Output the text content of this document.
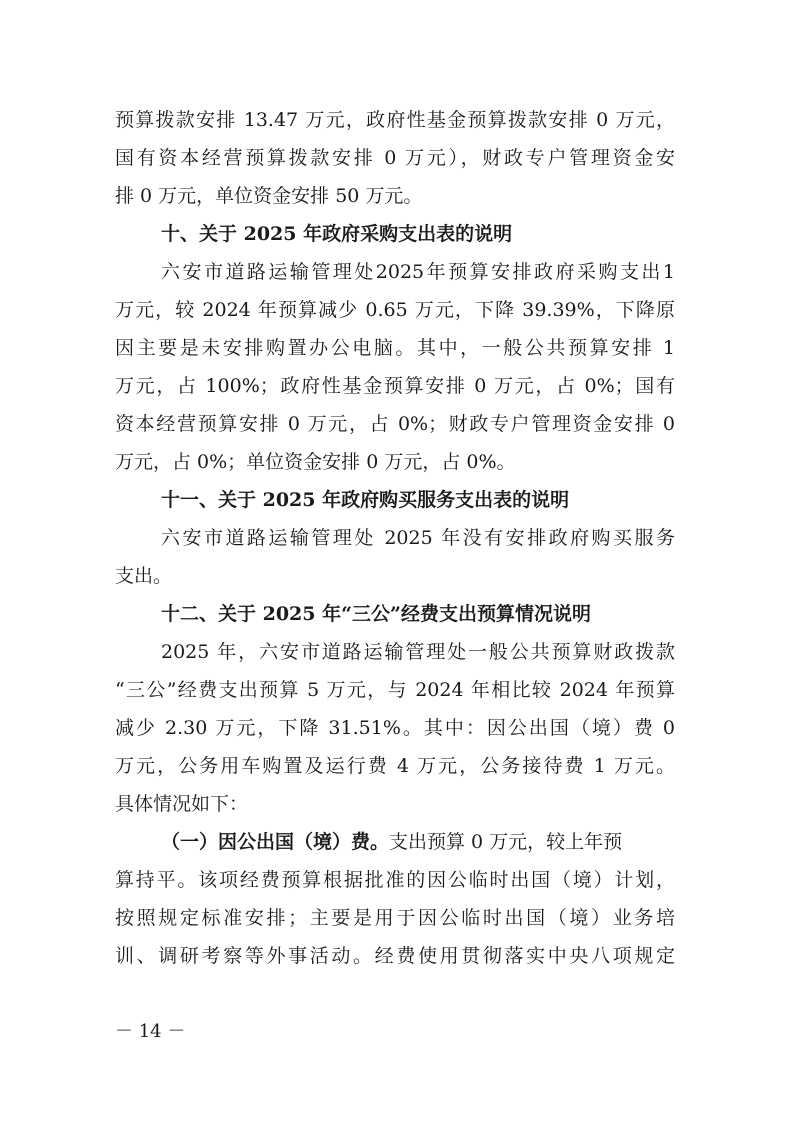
预算拨款安排 13.47 万元，政府性基金预算拨款安排 0 万元，
国有资本经营预算拨款安排 0 万元），财政专户管理资金安
排 0 万元，单位资金安排 50 万元。
十、关于 2025 年政府采购支出表的说明
六安市道路运输管理处2025年预算安排政府采购支出1
万元，较 2024 年预算减少 0.65 万元，下降 39.39%，下降原
因主要是未安排购置办公电脑。其中，一般公共预算安排 1
万元，占 100%；政府性基金预算安排 0 万元，占 0%；国有
资本经营预算安排 0 万元，占 0%；财政专户管理资金安排 0
万元，占 0%；单位资金安排 0 万元，占 0%。
十一、关于 2025 年政府购买服务支出表的说明
六安市道路运输管理处 2025 年没有安排政府购买服务
支出。
十二、关于 2025 年“三公”经费支出预算情况说明
2025 年，六安市道路运输管理处一般公共预算财政拨款
“三公”经费支出预算 5 万元，与 2024 年相比较 2024 年预算
减少 2.30 万元，下降 31.51%。其中：因公出国（境）费 0
万元，公务用车购置及运行费 4 万元，公务接待费 1 万元。
具体情况如下：
（一）因公出国（境）费。支出预算 0 万元，较上年预
算持平。该项经费预算根据批准的因公临时出国（境）计划，
按照规定标准安排；主要是用于因公临时出国（境）业务培
训、调研考察等外事活动。经费使用贯彻落实中央八项规定
－ 14 －
